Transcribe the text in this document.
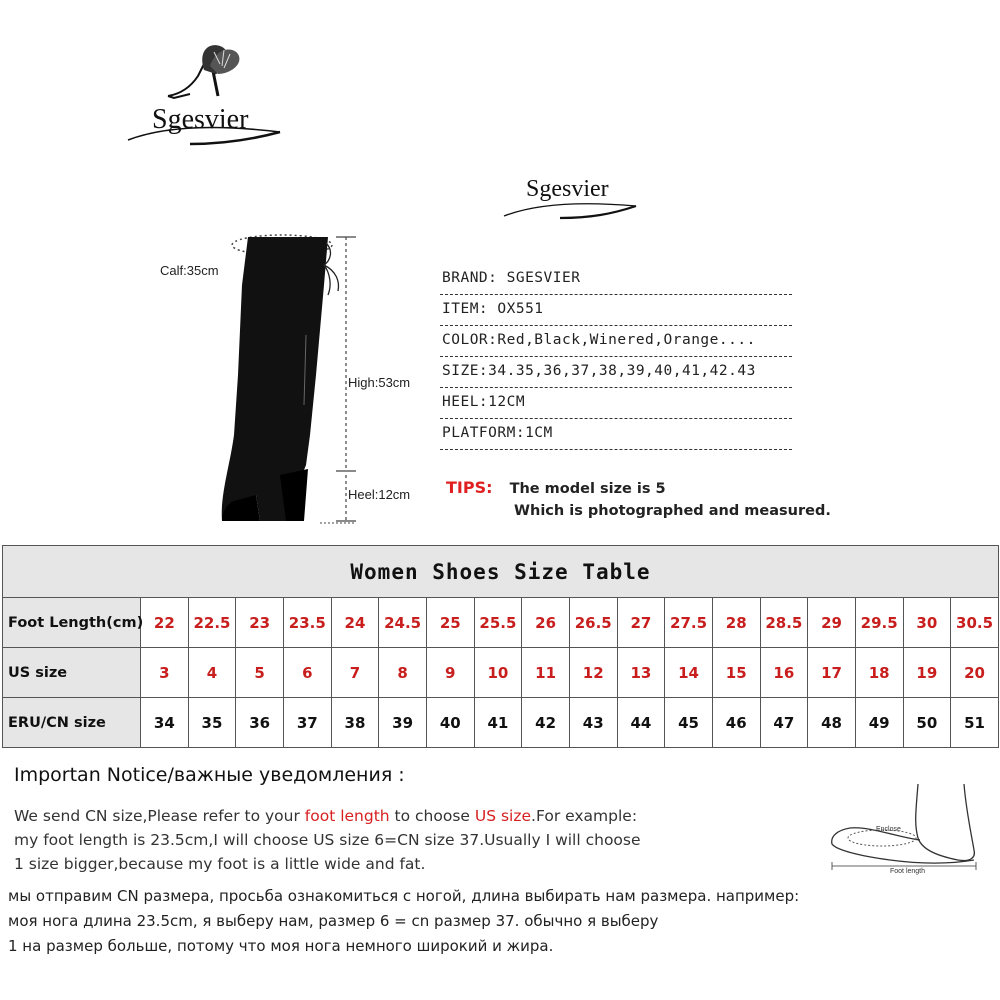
Sgesvier
Sgesvier
Calf:35cm
High:53cm
Heel:12cm
BRAND: SGESVIER
ITEM: OX551
COLOR:Red,Black,Winered,Orange....
SIZE:34.35,36,37,38,39,40,41,42.43
HEEL:12CM
PLATFORM:1CM
TIPS: The model size is 5
Which is photographed and measured.
Women Shoes Size Table																		
Foot Length(cm)	22	22.5	23	23.5	24	24.5	25	25.5	26	26.5	27	27.5	28	28.5	29	29.5	30	30.5
US size	3	4	5	6	7	8	9	10	11	12	13	14	15	16	17	18	19	20
ERU/CN size	34	35	36	37	38	39	40	41	42	43	44	45	46	47	48	49	50	51
Importan Notice/важные уведомления :
We send CN size,Please refer to your foot length to choose US size.For example:
my foot length is 23.5cm,I will choose US size 6=CN size 37.Usually I will choose
1 size bigger,because my foot is a little wide and fat.
мы отправим CN размера, просьба ознакомиться с ногой, длина выбирать нам размера. например:
моя нога длина 23.5cm, я выберу нам, размер 6 = cn размер 37. обычно я выберу
1 на размер больше, потому что моя нога немного широкий и жира.
Enclose
Foot length
